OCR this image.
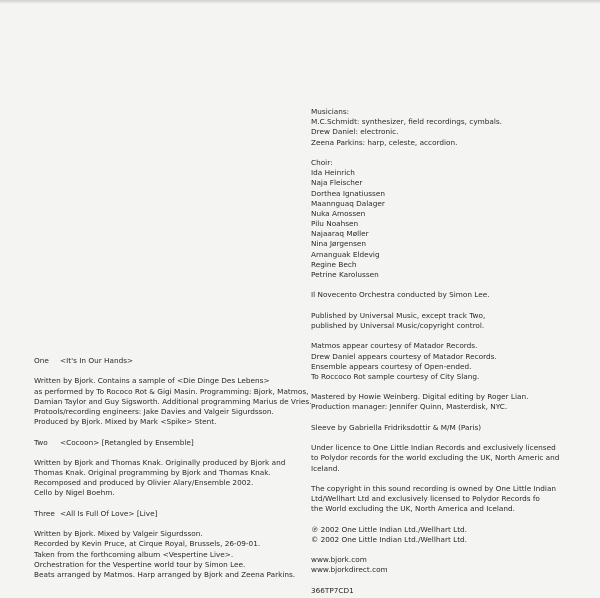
One	<It's In Our Hands>
Written by Bjork. Contains a sample of <Die Dinge Des Lebens>
as performed by To Rococo Rot & Gigi Masin. Programming: Bjork, Matmos,
Damian Taylor and Guy Sigsworth. Additional programming Marius de Vries.
Protools/recording engineers: Jake Davies and Valgeir Sigurdsson.
Produced by Bjork. Mixed by Mark <Spike> Stent.
Two	<Cocoon> [Retangled by Ensemble]
Written by Bjork and Thomas Knak. Originally produced by Bjork and
Thomas Knak. Original programming by Bjork and Thomas Knak.
Recomposed and produced by Olivier Alary/Ensemble 2002.
Cello by Nigel Boehm.
Three <All Is Full Of Love> [Live]
Written by Bjork. Mixed by Valgeir Sigurdsson.
Recorded by Kevin Pruce, at Cirque Royal, Brussels, 26-09-01.
Taken from the forthcoming album <Vespertine Live>.
Orchestration for the Vespertine world tour by Simon Lee.
Beats arranged by Matmos. Harp arranged by Bjork and Zeena Parkins.
Musicians:
M.C.Schmidt: synthesizer, field recordings, cymbals.
Drew Daniel: electronic.
Zeena Parkins: harp, celeste, accordion.
Choir:
Ida Heinrich
Naja Fleischer
Dorthea Ignatiussen
Maannguaq Dalager
Nuka Amossen
Pilu Noahsen
Najaaraq Møller
Nina Jørgensen
Arnanguak Eldevig
Regine Bech
Petrine Karolussen
Il Novecento Orchestra conducted by Simon Lee.
Published by Universal Music, except track Two,
published by Universal Music/copyright control.
Matmos appear courtesy of Matador Records.
Drew Daniel appears courtesy of Matador Records.
Ensemble appears courtesy of Open-ended.
To Roccoco Rot sample courtesy of City Slang.
Mastered by Howie Weinberg. Digital editing by Roger Lian.
Production manager: Jennifer Quinn, Masterdisk, NYC.
Sleeve by Gabriella Fridriksdottir & M/M (Paris)
Under licence to One Little Indian Records and exclusively licensed
to Polydor records for the world excluding the UK, North Americ and
Iceland.
The copyright in this sound recording is owned by One Little Indian
Ltd/Wellhart Ltd and exclusively licensed to Polydor Records fo
the World excluding the UK, North America and Iceland.
℗ 2002 One Little Indian Ltd./Wellhart Ltd.
© 2002 One Little Indian Ltd./Wellhart Ltd.
www.bjork.com
www.bjorkdirect.com
366TP7CD1
